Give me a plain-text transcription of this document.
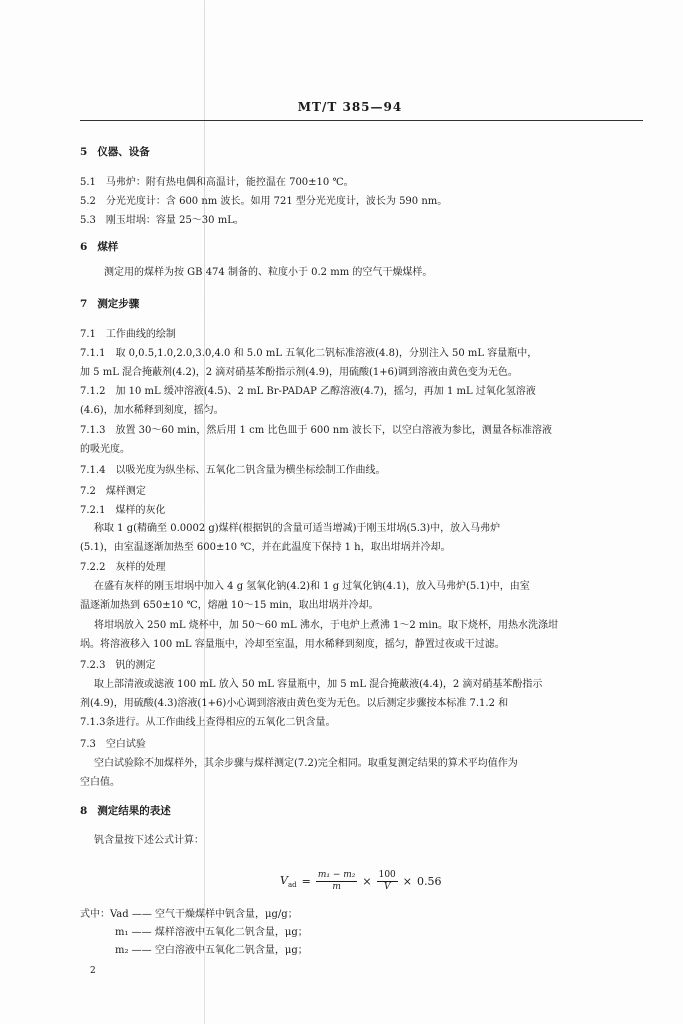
MT/T 385—94
5 仪器、设备
5.1　马弗炉：附有热电偶和高温计，能控温在 700±10 ℃。
5.2　分光光度计：含 600 nm 波长。如用 721 型分光光度计，波长为 590 nm。
5.3　刚玉坩埚：容量 25～30 mL。
6 煤样
测定用的煤样为按 GB 474 制备的、粒度小于 0.2 mm 的空气干燥煤样。
7 测定步骤
7.1　工作曲线的绘制
7.1.1　取 0,0.5,1.0,2.0,3.0,4.0 和 5.0 mL 五氧化二钒标准溶液(4.8)，分别注入 50 mL 容量瓶中，
加 5 mL 混合掩蔽剂(4.2)，2 滴对硝基苯酚指示剂(4.9)，用硫酸(1+6)调到溶液由黄色变为无色。
7.1.2　加 10 mL 缓冲溶液(4.5)、2 mL Br-PADAP 乙醇溶液(4.7)，摇匀，再加 1 mL 过氧化氢溶液
(4.6)，加水稀释到刻度，摇匀。
7.1.3　放置 30～60 min，然后用 1 cm 比色皿于 600 nm 波长下，以空白溶液为参比，测量各标准溶液
的吸光度。
7.1.4　以吸光度为纵坐标、五氧化二钒含量为横坐标绘制工作曲线。
7.2　煤样测定
7.2.1　煤样的灰化
称取 1 g(精确至 0.0002 g)煤样(根据钒的含量可适当增减)于刚玉坩埚(5.3)中，放入马弗炉
(5.1)，由室温逐渐加热至 600±10 ℃，并在此温度下保持 1 h，取出坩埚并冷却。
7.2.2　灰样的处理
在盛有灰样的刚玉坩埚中加入 4 g 氢氧化钠(4.2)和 1 g 过氧化钠(4.1)，放入马弗炉(5.1)中，由室
温逐渐加热到 650±10 ℃，熔融 10～15 min，取出坩埚并冷却。
将坩埚放入 250 mL 烧杯中，加 50～60 mL 沸水，于电炉上煮沸 1～2 min。取下烧杯，用热水洗涤坩
埚。将溶液移入 100 mL 容量瓶中，冷却至室温，用水稀释到刻度，摇匀，静置过夜或干过滤。
7.2.3　钒的测定
取上部清液或滤液 100 mL 放入 50 mL 容量瓶中，加 5 mL 混合掩蔽液(4.4)，2 滴对硝基苯酚指示
剂(4.9)，用硫酸(4.3)溶液(1+6)小心调到溶液由黄色变为无色。以后测定步骤按本标准 7.1.2 和
7.1.3条进行。从工作曲线上查得相应的五氧化二钒含量。
7.3　空白试验
空白试验除不加煤样外，其余步骤与煤样测定(7.2)完全相同。取重复测定结果的算术平均值作为
空白值。
8 测定结果的表述
钒含量按下述公式计算：
$V_{ad} = \frac{\text{m₁ − m₂}}{m} \times \frac{100}{V} \times 0.56$
式中：Vad —— 空气干燥煤样中钒含量，μg/g；
m₁ —— 煤样溶液中五氧化二钒含量，μg；
m₂ —— 空白溶液中五氧化二钒含量，μg；
2
